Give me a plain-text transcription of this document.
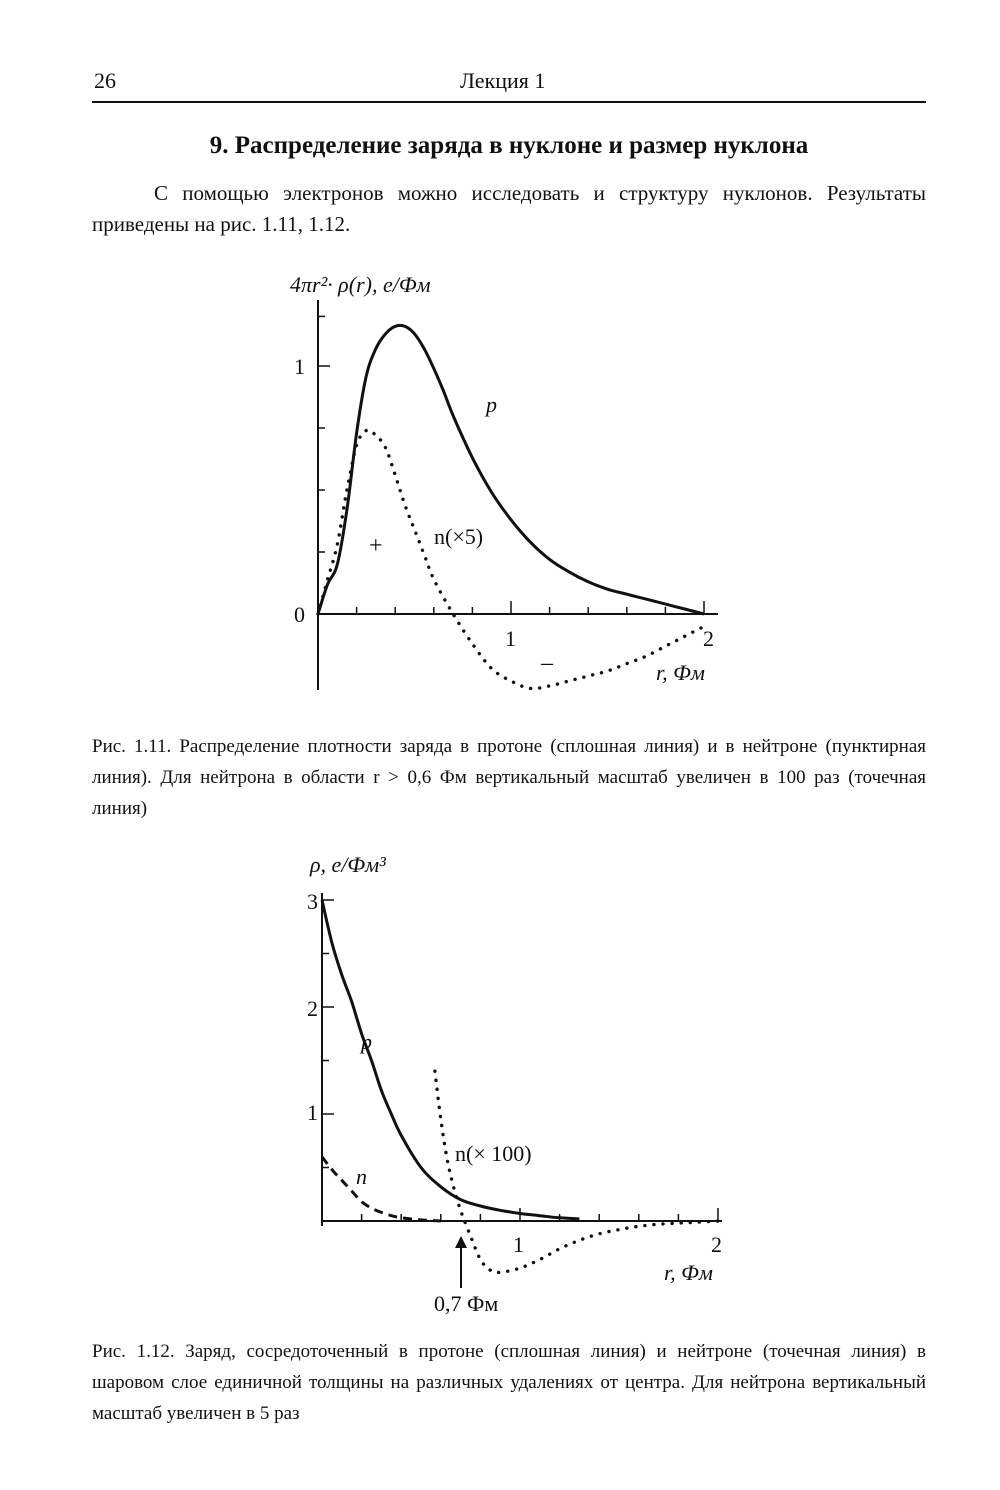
26	Лекция 1
9. Распределение заряда в нуклоне и размер нуклона
С помощью электронов можно исследовать и структуру нуклонов. Результаты приведены на рис. 1.11, 1.12.
4πr²· ρ(r), e/Фм
r, Фм
1	2
0
1
p
n(×5)
+
–
Рис. 1.11. Распределение плотности заряда в протоне (сплошная линия) и в нейтроне (пунктирная линия). Для нейтрона в области r > 0,6 Фм вертикальный масштаб увеличен в 100 раз (точечная линия)
ρ, e/Фм³
r, Фм
1	2
1
2
3
p
n
n(× 100)
0,7 Фм
Рис. 1.12. Заряд, сосредоточенный в протоне (сплошная линия) и нейтроне (точечная линия) в шаровом слое единичной толщины на различных удалениях от центра. Для нейтрона вертикальный масштаб увеличен в 5 раз
